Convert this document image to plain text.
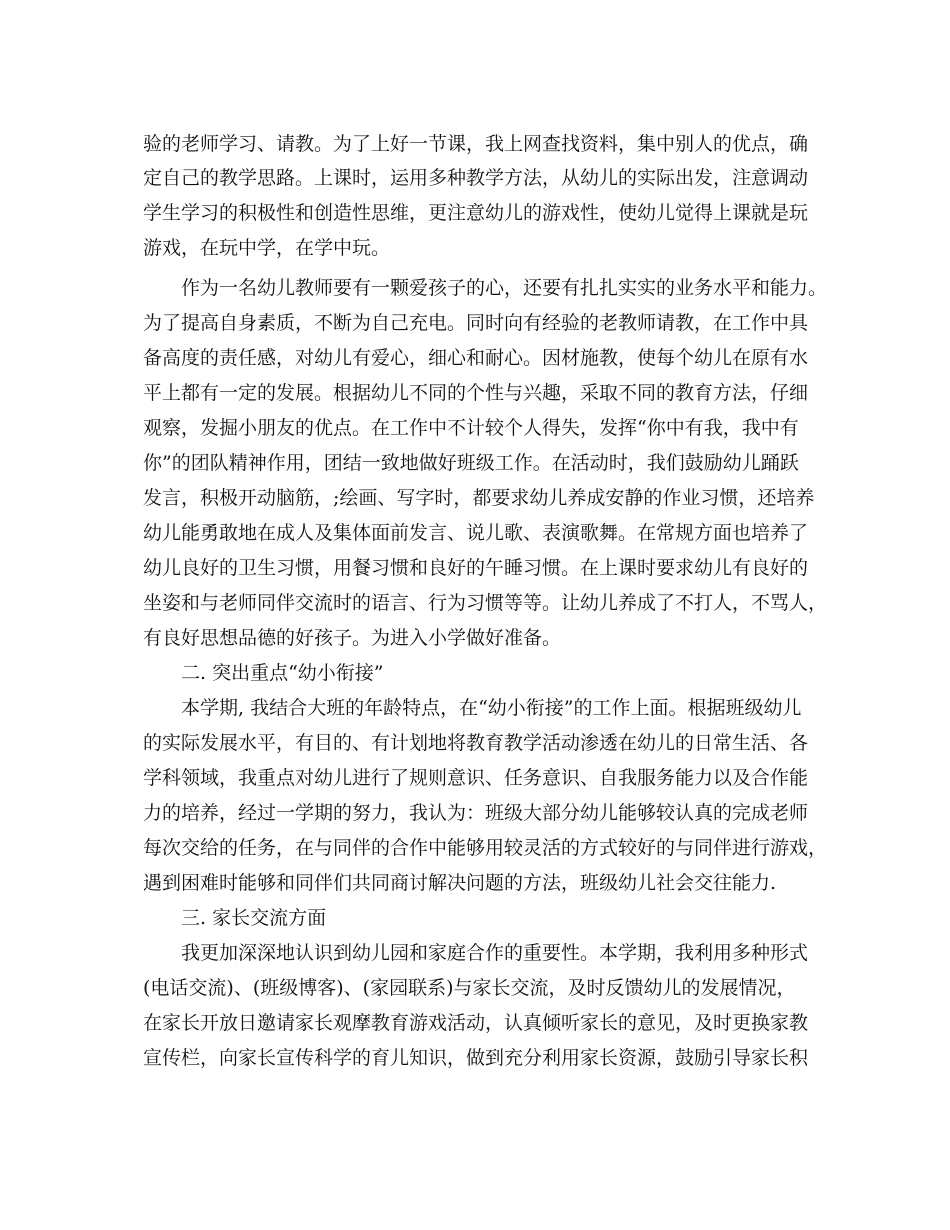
验的老师学习、请教。为了上好一节课，我上网查找资料，集中别人的优点，确
定自己的教学思路。上课时，运用多种教学方法，从幼儿的实际出发，注意调动
学生学习的积极性和创造性思维，更注意幼儿的游戏性，使幼儿觉得上课就是玩
游戏，在玩中学，在学中玩。
作为一名幼儿教师要有一颗爱孩子的心，还要有扎扎实实的业务水平和能力。
为了提高自身素质，不断为自己充电。同时向有经验的老教师请教，在工作中具
备高度的责任感，对幼儿有爱心，细心和耐心。因材施教，使每个幼儿在原有水
平上都有一定的发展。根据幼儿不同的个性与兴趣，采取不同的教育方法，仔细
观察，发掘小朋友的优点。在工作中不计较个人得失，发挥“你中有我，我中有
你”的团队精神作用，团结一致地做好班级工作。在活动时，我们鼓励幼儿踊跃
发言，积极开动脑筋，;绘画、写字时，都要求幼儿养成安静的作业习惯，还培养
幼儿能勇敢地在成人及集体面前发言、说儿歌、表演歌舞。在常规方面也培养了
幼儿良好的卫生习惯，用餐习惯和良好的午睡习惯。在上课时要求幼儿有良好的
坐姿和与老师同伴交流时的语言、行为习惯等等。让幼儿养成了不打人，不骂人，
有良好思想品德的好孩子。为进入小学做好准备。
二. 突出重点“幼小衔接”
本学期, 我结合大班的年龄特点，在“幼小衔接”的工作上面。根据班级幼儿
的实际发展水平，有目的、有计划地将教育教学活动渗透在幼儿的日常生活、各
学科领域，我重点对幼儿进行了规则意识、任务意识、自我服务能力以及合作能
力的培养，经过一学期的努力，我认为：班级大部分幼儿能够较认真的完成老师
每次交给的任务，在与同伴的合作中能够用较灵活的方式较好的与同伴进行游戏，
遇到困难时能够和同伴们共同商讨解决问题的方法，班级幼儿社会交往能力.
三. 家长交流方面
我更加深深地认识到幼儿园和家庭合作的重要性。本学期，我利用多种形式
(电话交流)、(班级博客)、(家园联系)与家长交流，及时反馈幼儿的发展情况，
在家长开放日邀请家长观摩教育游戏活动，认真倾听家长的意见，及时更换家教
宣传栏，向家长宣传科学的育儿知识，做到充分利用家长资源，鼓励引导家长积
